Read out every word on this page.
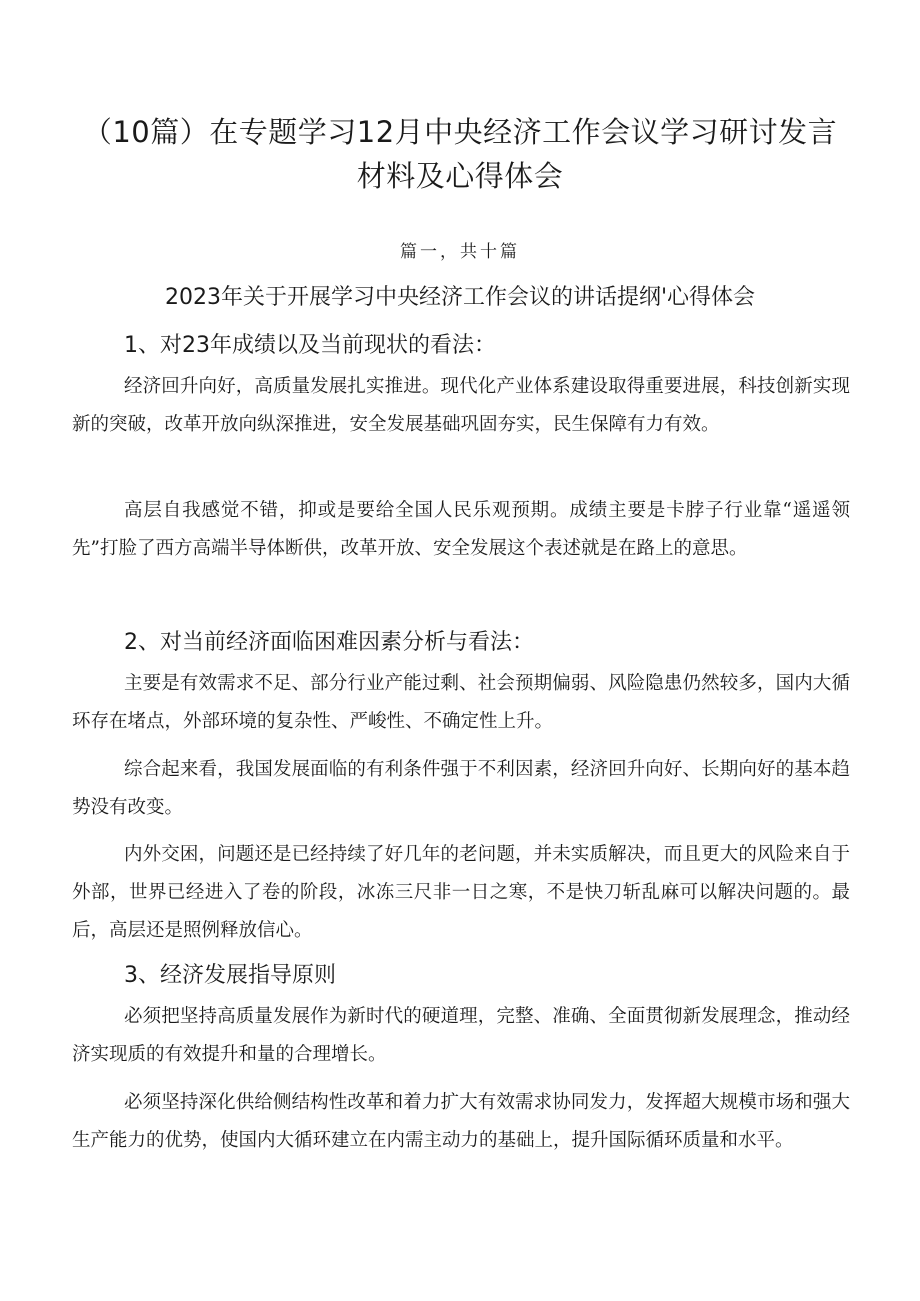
（10篇）在专题学习12月中央经济工作会议学习研讨发言
材料及心得体会
篇一，共十篇
2023年关于开展学习中央经济工作会议的讲话提纲'心得体会
1、对23年成绩以及当前现状的看法：

经济回升向好，高质量发展扎实推进。现代化产业体系建设取得重要进展，科技创新实现新的突破，改革开放向纵深推进，安全发展基础巩固夯实，民生保障有力有效。

高层自我感觉不错，抑或是要给全国人民乐观预期。成绩主要是卡脖子行业靠“遥遥领先”打脸了西方高端半导体断供，改革开放、安全发展这个表述就是在路上的意思。

2、对当前经济面临困难因素分析与看法：

主要是有效需求不足、部分行业产能过剩、社会预期偏弱、风险隐患仍然较多，国内大循环存在堵点，外部环境的复杂性、严峻性、不确定性上升。

综合起来看，我国发展面临的有利条件强于不利因素，经济回升向好、长期向好的基本趋势没有改变。

内外交困，问题还是已经持续了好几年的老问题，并未实质解决，而且更大的风险来自于外部，世界已经进入了卷的阶段，冰冻三尺非一日之寒，不是快刀斩乱麻可以解决问题的。最后，高层还是照例释放信心。

3、经济发展指导原则

必须把坚持高质量发展作为新时代的硬道理，完整、准确、全面贯彻新发展理念，推动经济实现质的有效提升和量的合理增长。

必须坚持深化供给侧结构性改革和着力扩大有效需求协同发力，发挥超大规模市场和强大生产能力的优势，使国内大循环建立在内需主动力的基础上，提升国际循环质量和水平。
